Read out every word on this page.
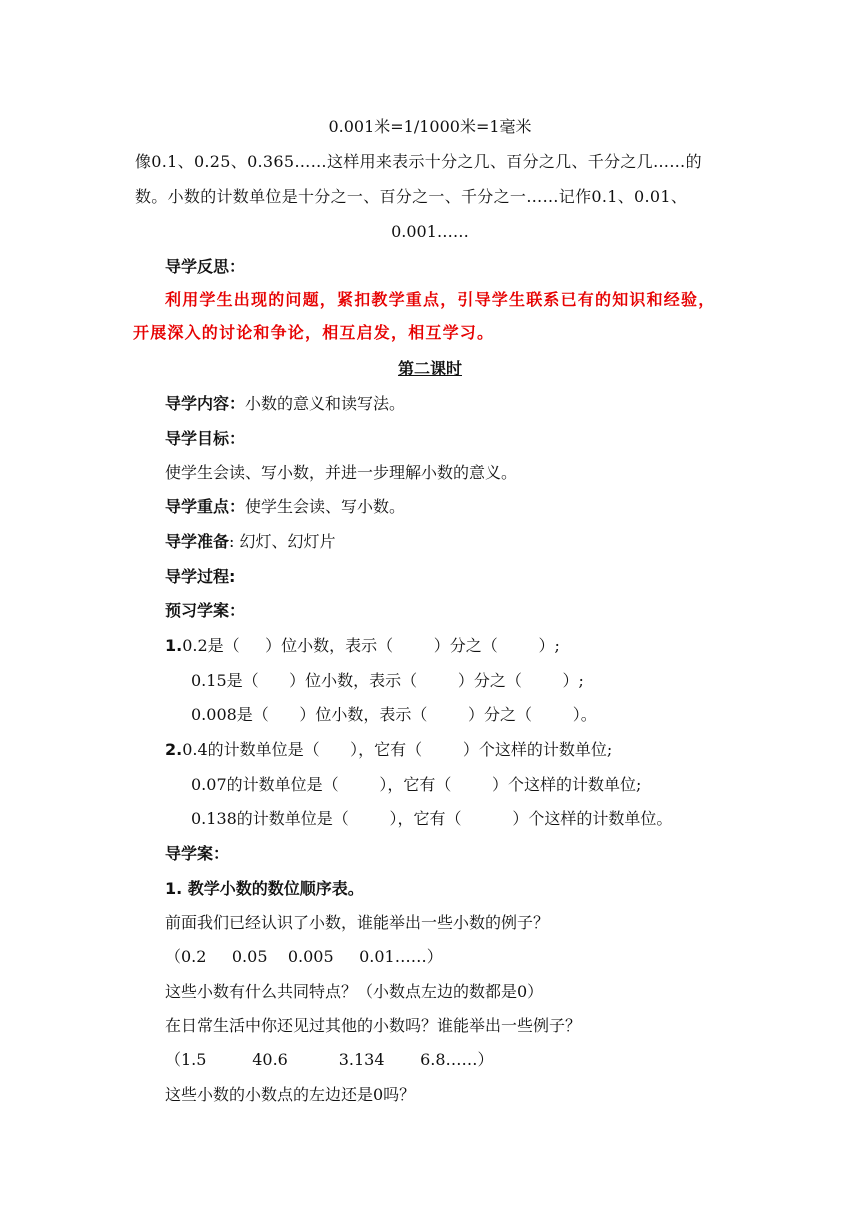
0.001米=1/1000米=1毫米
像0.1、0.25、0.365……这样用来表示十分之几、百分之几、千分之几……的
数。小数的计数单位是十分之一、百分之一、千分之一……记作0.1、0.01、
0.001……
导学反思：
利用学生出现的问题，紧扣教学重点，引导学生联系已有的知识和经验，
开展深入的讨论和争论，相互启发，相互学习。
第二课时
导学内容：小数的意义和读写法。
导学目标：
使学生会读、写小数，并进一步理解小数的意义。
导学重点：使学生会读、写小数。
导学准备: 幻灯、幻灯片
导学过程:
预习学案：
1.0.2是（     ）位小数，表示（        ）分之（        ）;
0.15是（      ）位小数，表示（        ）分之（        ）;
0.008是（      ）位小数，表示（        ）分之（        ）。
2.0.4的计数单位是（      ），它有（        ）个这样的计数单位;
0.07的计数单位是（        ），它有（        ）个这样的计数单位;
0.138的计数单位是（        ），它有（          ）个这样的计数单位。
导学案：
1. 教学小数的数位顺序表。
前面我们已经认识了小数，谁能举出一些小数的例子？
（0.2     0.05    0.005     0.01……）
这些小数有什么共同特点？（小数点左边的数都是0）
在日常生活中你还见过其他的小数吗？谁能举出一些例子？
（1.5         40.6          3.134       6.8……）
这些小数的小数点的左边还是0吗？
